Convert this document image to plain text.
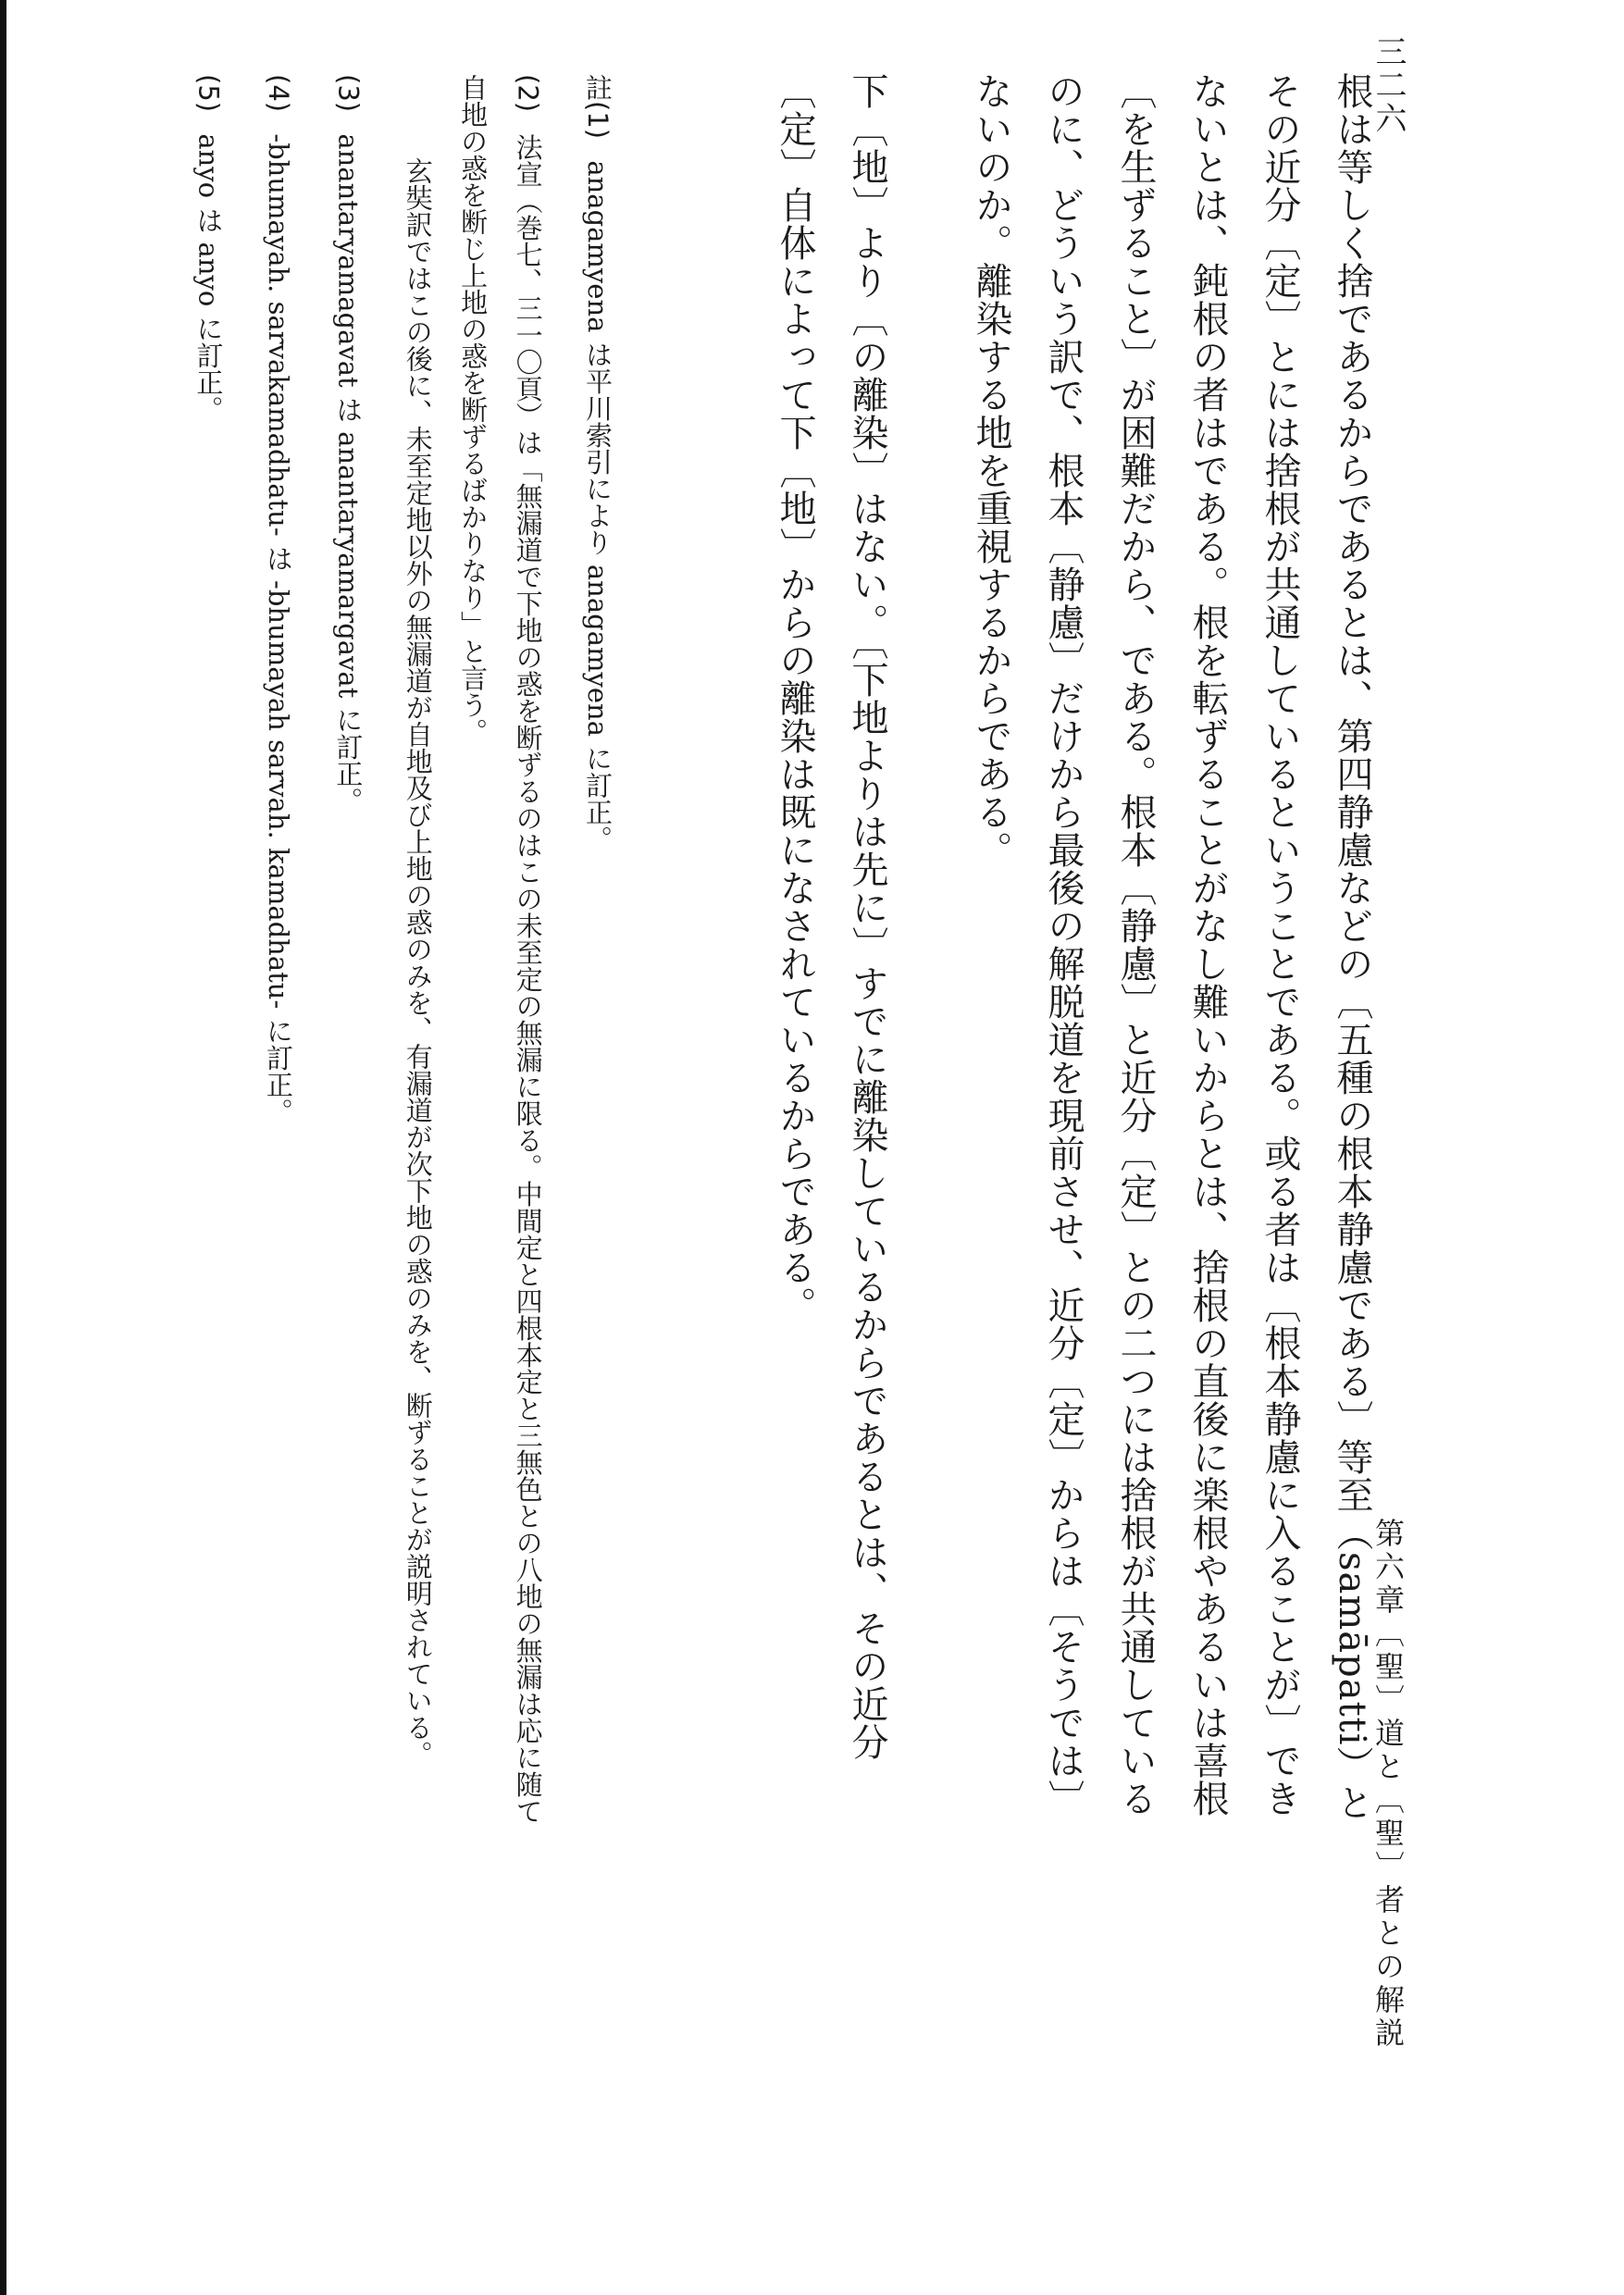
三二六
第六章〔聖〕道と〔聖〕者との解説

根は等しく捨であるからであるとは、第四静慮などの〔五種の根本静慮である〕等至（samāpatti）とその近分〔定〕とには捨根が共通しているということである。或る者は〔根本静慮に入ることが〕できないとは、鈍根の者はである。根を転ずることがなし難いからとは、捨根の直後に楽根やあるいは喜根〔を生ずること〕が困難だから、である。根本〔静慮〕と近分〔定〕との二つには捨根が共通しているのに、どういう訳で、根本〔静慮〕だけから最後の解脱道を現前させ、近分〔定〕からは〔そうでは〕ないのか。離染する地を重視するからである。

下〔地〕より〔の離染〕はない。〔下地よりは先に〕すでに離染しているからであるとは、その近分〔定〕自体によって下〔地〕からの離染は既になされているからである。

註(1) anagamyena は平川索引により anagamyena に訂正。
(2) 法宣（巻七、三一〇頁）は「無漏道で下地の惑を断ずるのはこの未至定の無漏に限る。中間定と四根本定と三無色との八地の無漏は応に随て自地の惑を断じ上地の惑を断ずるばかりなり」と言う。
玄奘訳ではこの後に、未至定地以外の無漏道が自地及び上地の惑のみを、有漏道が次下地の惑のみを、断ずることが説明されている。
(3) anantaryamagavat は anantaryamargavat に訂正。
(4) -bhumayah. sarvakamadhatu- は -bhumayah sarvah. kamadhatu- に訂正。
(5) anyo は anyo に訂正。
